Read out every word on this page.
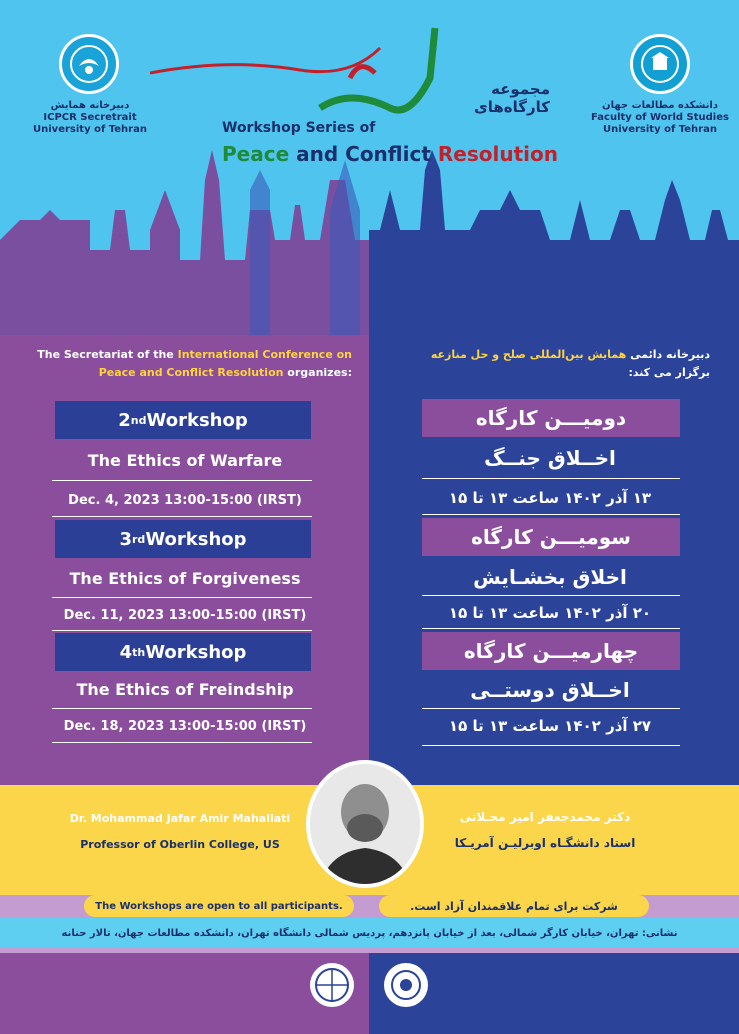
دبیرخانه همایش
ICPCR Secretrait
University of Tehran
دانشکده مطالعات جهان
Faculty of World Studies
University of Tehran
مجموعه
کارگاه‌های
Workshop Series of
Peace and Conflict Resolution
The Secretariat of the International Conference on Peace and Conflict Resolution organizes:
دبیرخانه دائمی همایش بین‌المللی صلح و حل منازعه
برگزار می کند:
2 nd Workshop
The Ethics of Warfare
Dec. 4, 2023 13:00-15:00 (IRST)
دومیـــن کارگاه
اخــلاق جنــگ
۱۳ آذر ۱۴۰۲ ساعت ۱۳ تا ۱۵
3 rd Workshop
The Ethics of Forgiveness
Dec. 11, 2023 13:00-15:00 (IRST)
سومیـــن کارگاه
اخلاق بخشـایش
۲۰ آذر ۱۴۰۲ ساعت ۱۳ تا ۱۵
4 th Workshop
The Ethics of Freindship
Dec. 18, 2023 13:00-15:00 (IRST)
چهارمیـــن کارگاه
اخــلاق دوستــی
۲۷ آذر ۱۴۰۲ ساعت ۱۳ تا ۱۵
Dr. Mohammad Jafar Amir Mahallati
Professor of Oberlin College, US
دکتر محمدجعفر امیر محـلاتی
استاد دانشگـاه اوبرلیـن آمریـکا
The Workshops are open to all participants.	شرکت برای تمام علاقمندان آزاد است.
نشانی: تهران، خیابان کارگر شمالی، بعد از خیابان پانزدهم، پردیس شمالی دانشگاه تهران، دانشکده مطالعات جهان، تالار حنانه
